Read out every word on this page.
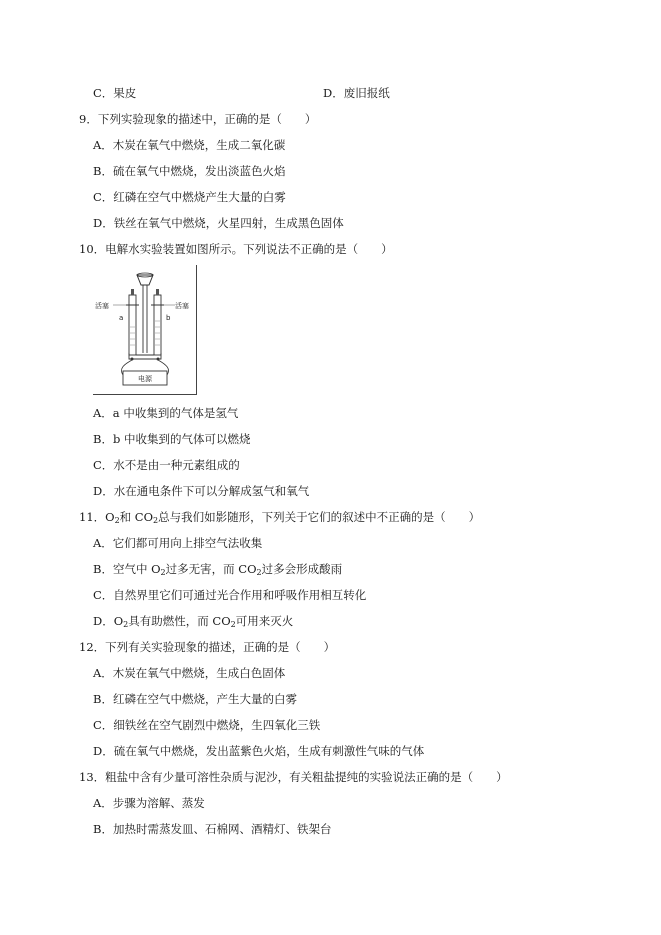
C．果皮	D．废旧报纸
9．下列实验现象的描述中，正确的是（　　）
A．木炭在氧气中燃烧，生成二氧化碳
B．硫在氧气中燃烧，发出淡蓝色火焰
C．红磷在空气中燃烧产生大量的白雾
D．铁丝在氧气中燃烧，火星四射，生成黑色固体
10．电解水实验装置如图所示。下列说法不正确的是（　　）
活塞	活塞
a	b
电源
A．a 中收集到的气体是氢气
B．b 中收集到的气体可以燃烧
C．水不是由一种元素组成的
D．水在通电条件下可以分解成氢气和氧气
11．$O_2$和 $CO_2$总与我们如影随形，下列关于它们的叙述中不正确的是（　　）
A．它们都可用向上排空气法收集
B．空气中 $O_2$过多无害，而 $CO_2$过多会形成酸雨
C．自然界里它们可通过光合作用和呼吸作用相互转化
D．$O_2$具有助燃性，而 $CO_2$可用来灭火
12．下列有关实验现象的描述，正确的是（　　）
A．木炭在氧气中燃烧，生成白色固体
B．红磷在空气中燃烧，产生大量的白雾
C．细铁丝在空气剧烈中燃烧，生四氧化三铁
D．硫在氧气中燃烧，发出蓝紫色火焰，生成有刺激性气味的气体
13．粗盐中含有少量可溶性杂质与泥沙，有关粗盐提纯的实验说法正确的是（　　）
A．步骤为溶解、蒸发
B．加热时需蒸发皿、石棉网、酒精灯、铁架台
